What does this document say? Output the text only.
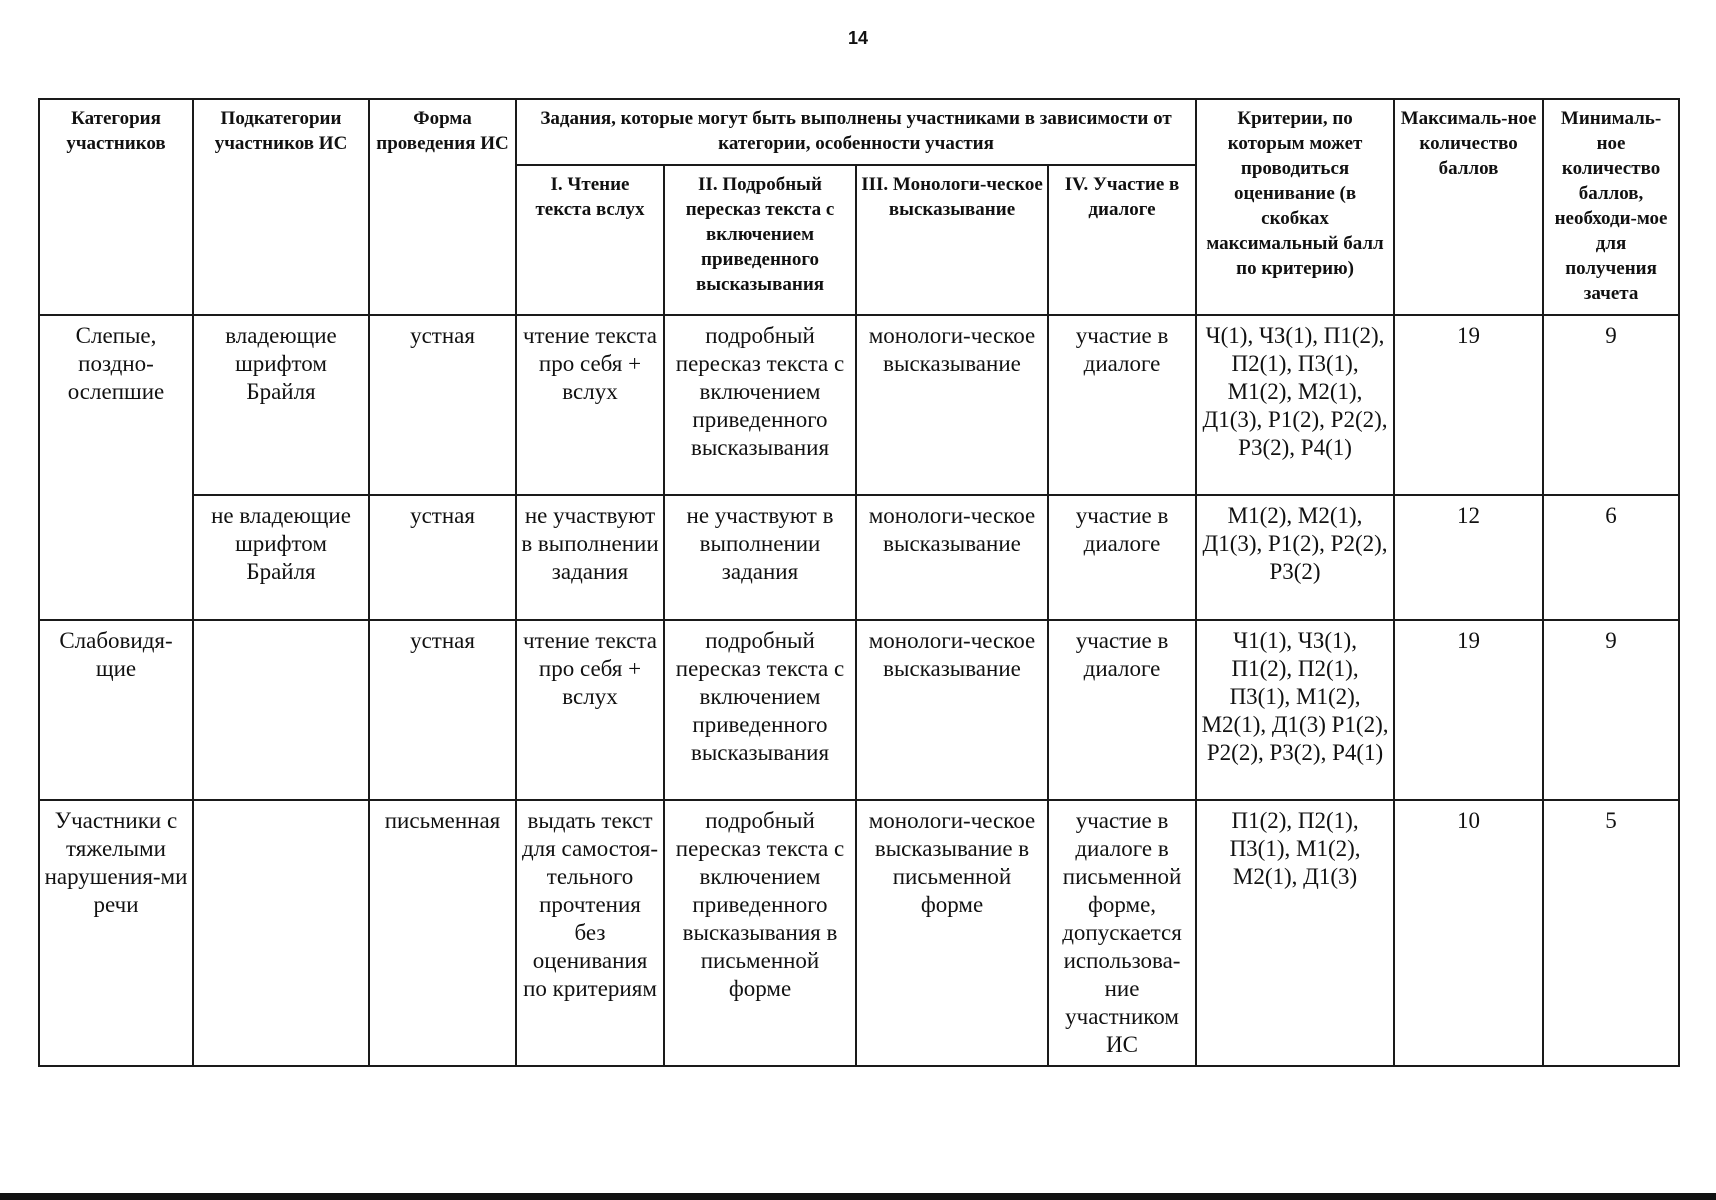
14
Категория участников	Подкатегории участников ИС	Форма проведения ИС	Задания, которые могут быть выполнены участниками в зависимости от категории, особенности участия				Критерии, по которым может проводиться оценивание (в скобках максимальный балл по критерию)	Максималь-ное количество баллов	Минималь-ное количество баллов, необходи-мое для получения зачета
			I. Чтение текста вслух	II. Подробный пересказ текста с включением приведенного высказывания	III. Монологи-ческое высказывание	IV. Участие в диалоге			
Слепые, поздно-ослепшие	владеющие шрифтом Брайля	устная	чтение текста про себя + вслух	подробный пересказ текста с включением приведенного высказывания	монологи-ческое высказывание	участие в диалоге	Ч(1), ЧЗ(1), П1(2), П2(1), П3(1), М1(2), М2(1), Д1(3), Р1(2), Р2(2), Р3(2), Р4(1)	19	9
	не владеющие шрифтом Брайля	устная	не участвуют в выполнении задания	не участвуют в выполнении задания	монологи-ческое высказывание	участие в диалоге	М1(2), М2(1), Д1(3), Р1(2), Р2(2), Р3(2)	12	6
Слабовидя-щие		устная	чтение текста про себя + вслух	подробный пересказ текста с включением приведенного высказывания	монологи-ческое высказывание	участие в диалоге	Ч1(1), ЧЗ(1), П1(2), П2(1), П3(1), М1(2), М2(1), Д1(3) Р1(2), Р2(2), Р3(2), Р4(1)	19	9
Участники с тяжелыми нарушения-ми речи		письменная	выдать текст для самостоя-тельного прочтения без оценивания по критериям	подробный пересказ текста с включением приведенного высказывания в письменной форме	монологи-ческое высказывание в письменной форме	участие в диалоге в письменной форме, допускается использова-ние участником ИС	П1(2), П2(1), П3(1), М1(2), М2(1), Д1(3)	10	5
